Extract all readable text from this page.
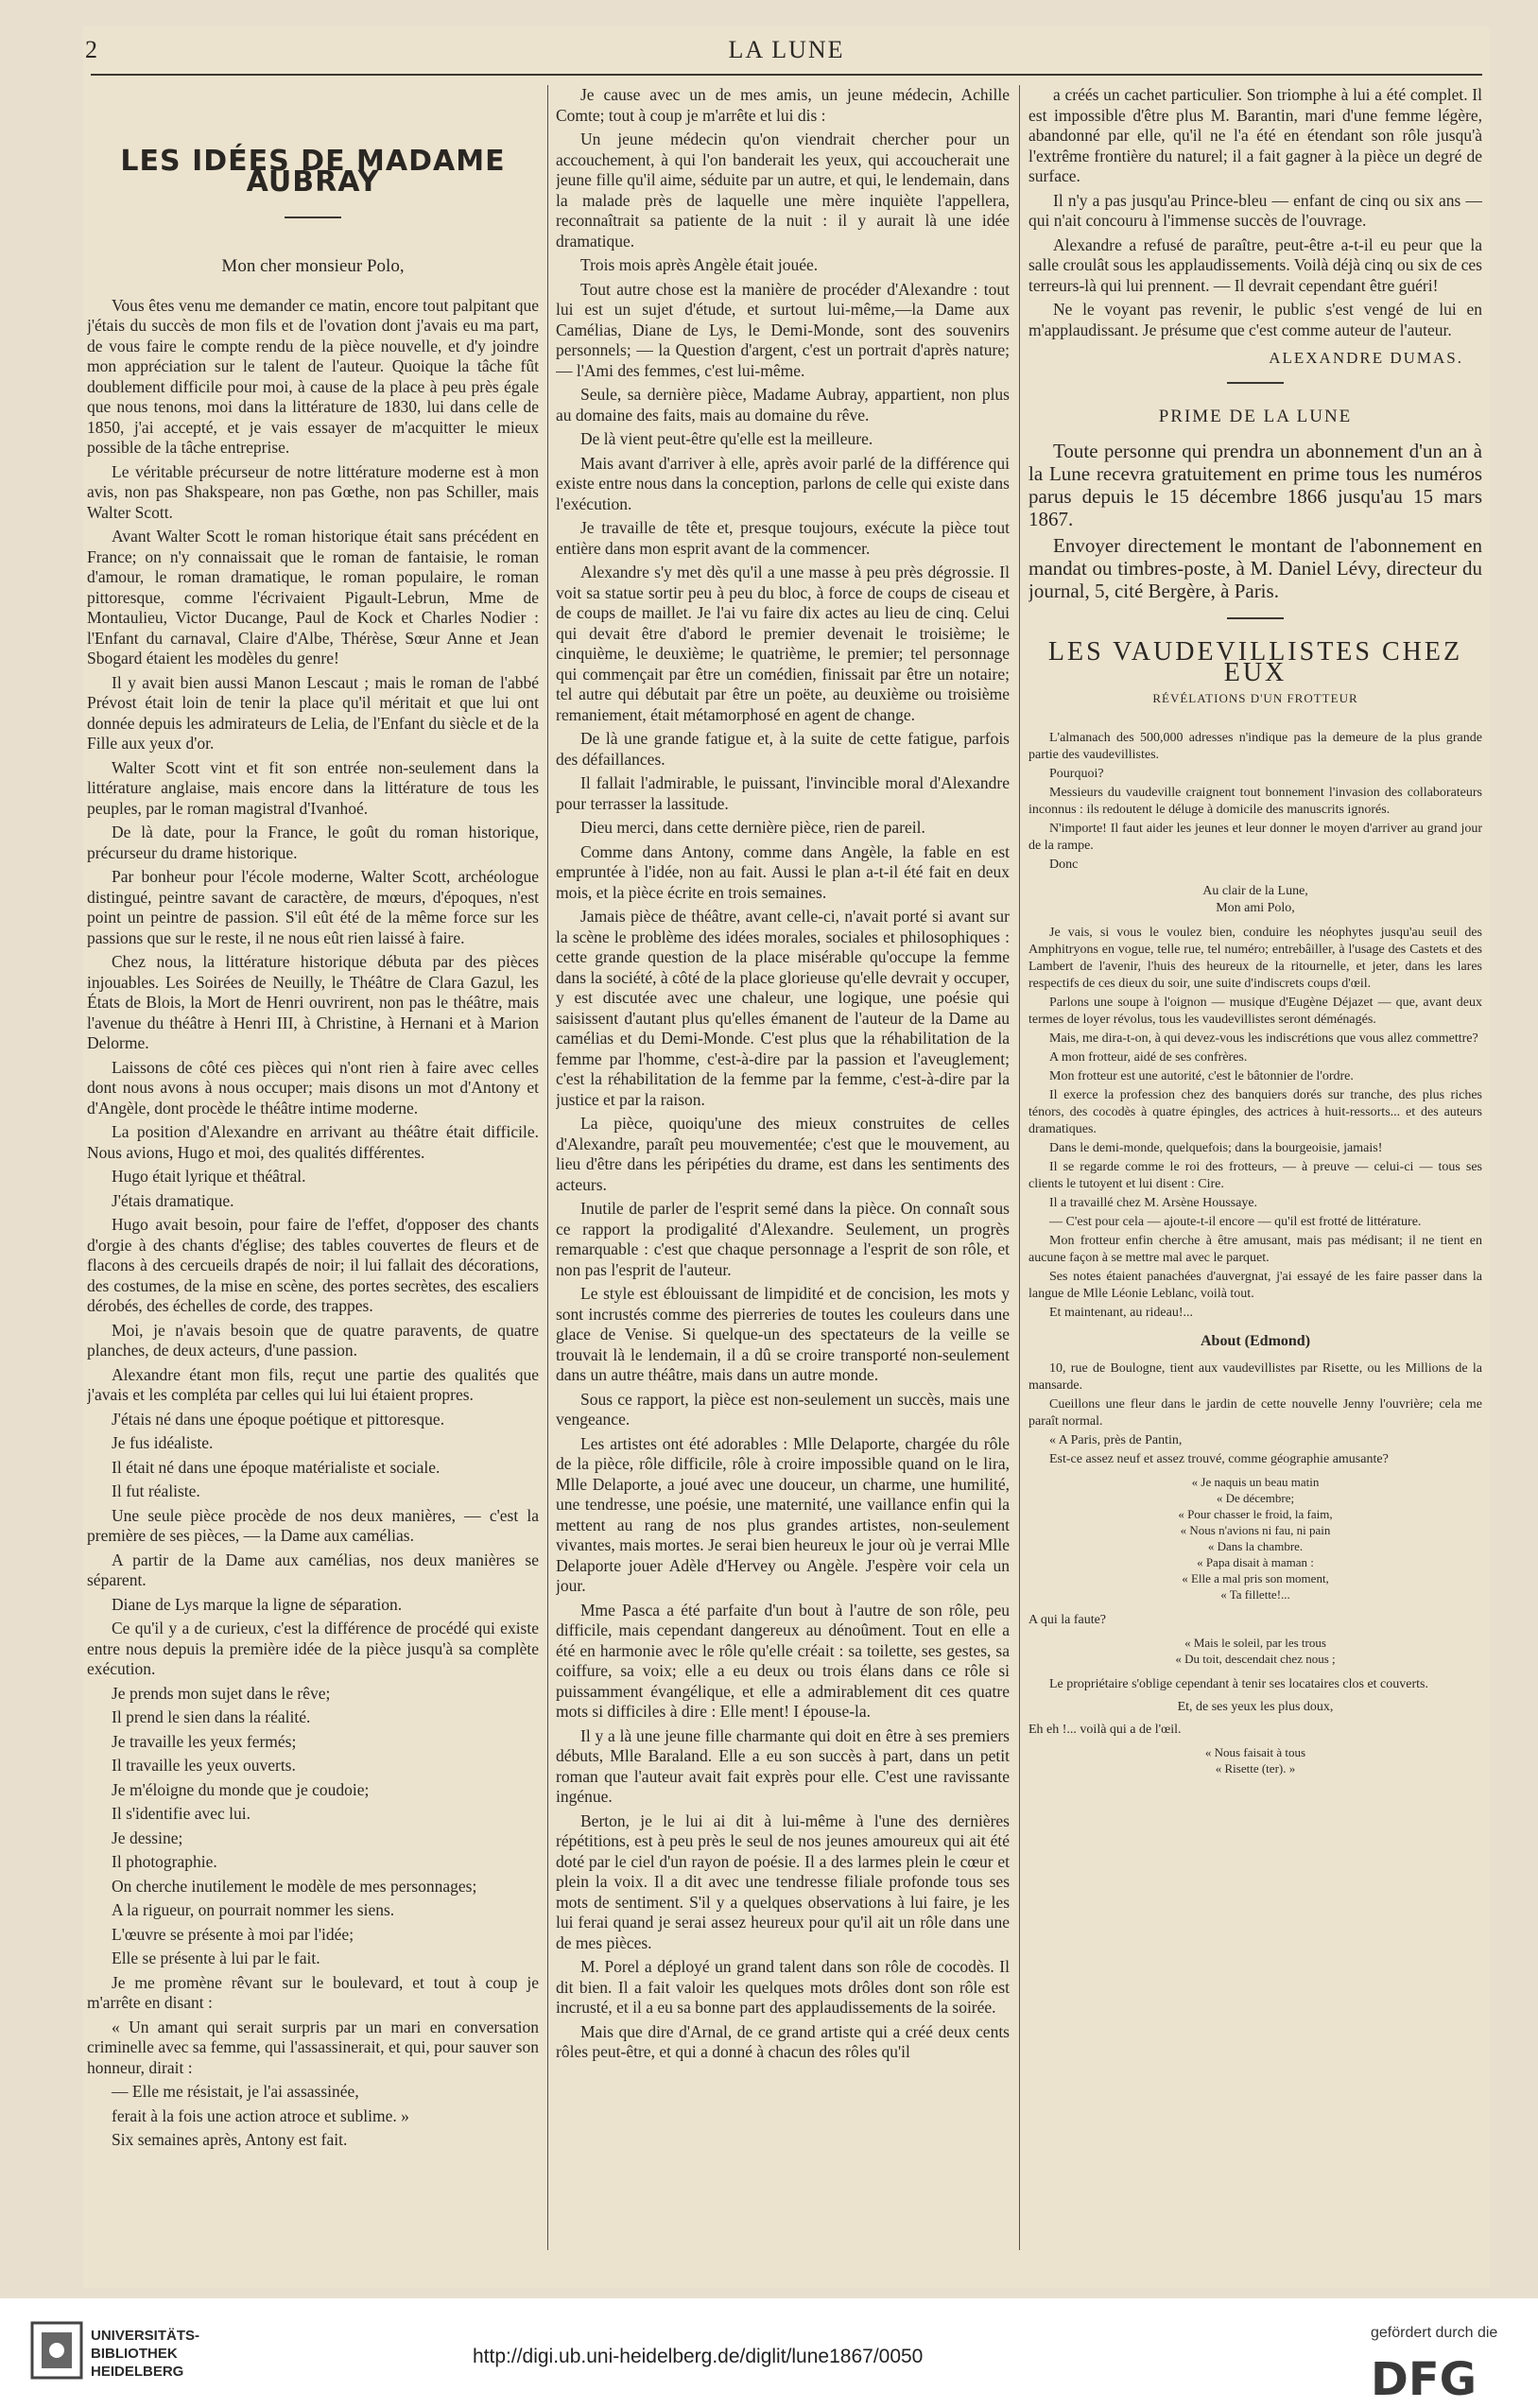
2	LA LUNE
LES IDÉES DE MADAME AUBRAY
Mon cher monsieur Polo,

Vous êtes venu me demander ce matin, encore tout palpitant que j'étais du succès de mon fils et de l'ovation dont j'avais eu ma part, de vous faire le compte rendu de la pièce nouvelle, et d'y joindre mon appréciation sur le talent de l'auteur. Quoique la tâche fût doublement difficile pour moi, à cause de la place à peu près égale que nous tenons, moi dans la littérature de 1830, lui dans celle de 1850, j'ai accepté, et je vais essayer de m'acquitter le mieux possible de la tâche entreprise.

Le véritable précurseur de notre littérature moderne est à mon avis, non pas Shakspeare, non pas Gœthe, non pas Schiller, mais Walter Scott.

Avant Walter Scott le roman historique était sans précédent en France; on n'y connaissait que le roman de fantaisie, le roman d'amour, le roman dramatique, le roman populaire, le roman pittoresque, comme l'écrivaient Pigault-Lebrun, Mme de Montaulieu, Victor Ducange, Paul de Kock et Charles Nodier : l'Enfant du carnaval, Claire d'Albe, Thérèse, Sœur Anne et Jean Sbogard étaient les modèles du genre!

Il y avait bien aussi Manon Lescaut ; mais le roman de l'abbé Prévost était loin de tenir la place qu'il méritait et que lui ont donnée depuis les admirateurs de Lelia, de l'Enfant du siècle et de la Fille aux yeux d'or.

Walter Scott vint et fit son entrée non-seulement dans la littérature anglaise, mais encore dans la littérature de tous les peuples, par le roman magistral d'Ivanhoé.

De là date, pour la France, le goût du roman historique, précurseur du drame historique.

Par bonheur pour l'école moderne, Walter Scott, archéologue distingué, peintre savant de caractère, de mœurs, d'époques, n'est point un peintre de passion. S'il eût été de la même force sur les passions que sur le reste, il ne nous eût rien laissé à faire.

Chez nous, la littérature historique débuta par des pièces injouables. Les Soirées de Neuilly, le Théâtre de Clara Gazul, les États de Blois, la Mort de Henri ouvrirent, non pas le théâtre, mais l'avenue du théâtre à Henri III, à Christine, à Hernani et à Marion Delorme.

Laissons de côté ces pièces qui n'ont rien à faire avec celles dont nous avons à nous occuper; mais disons un mot d'Antony et d'Angèle, dont procède le théâtre intime moderne.

La position d'Alexandre en arrivant au théâtre était difficile. Nous avions, Hugo et moi, des qualités différentes.

Hugo était lyrique et théâtral.

J'étais dramatique.

Hugo avait besoin, pour faire de l'effet, d'opposer des chants d'orgie à des chants d'église; des tables couvertes de fleurs et de flacons à des cercueils drapés de noir; il lui fallait des décorations, des costumes, de la mise en scène, des portes secrètes, des escaliers dérobés, des échelles de corde, des trappes.

Moi, je n'avais besoin que de quatre paravents, de quatre planches, de deux acteurs, d'une passion.

Alexandre étant mon fils, reçut une partie des qualités que j'avais et les compléta par celles qui lui lui étaient propres.

J'étais né dans une époque poétique et pittoresque.

Je fus idéaliste.

Il était né dans une époque matérialiste et sociale.

Il fut réaliste.

Une seule pièce procède de nos deux manières, — c'est la première de ses pièces, — la Dame aux camélias.

A partir de la Dame aux camélias, nos deux manières se séparent.

Diane de Lys marque la ligne de séparation.

Ce qu'il y a de curieux, c'est la différence de procédé qui existe entre nous depuis la première idée de la pièce jusqu'à sa complète exécution.

Je prends mon sujet dans le rêve;

Il prend le sien dans la réalité.

Je travaille les yeux fermés;

Il travaille les yeux ouverts.

Je m'éloigne du monde que je coudoie;

Il s'identifie avec lui.

Je dessine;

Il photographie.

On cherche inutilement le modèle de mes personnages;

A la rigueur, on pourrait nommer les siens.

L'œuvre se présente à moi par l'idée;

Elle se présente à lui par le fait.

Je me promène rêvant sur le boulevard, et tout à coup je m'arrête en disant :

« Un amant qui serait surpris par un mari en conversation criminelle avec sa femme, qui l'assassinerait, et qui, pour sauver son honneur, dirait :

— Elle me résistait, je l'ai assassinée,

ferait à la fois une action atroce et sublime. »

Six semaines après, Antony est fait.

Je cause avec un de mes amis, un jeune médecin, Achille Comte; tout à coup je m'arrête et lui dis :

Un jeune médecin qu'on viendrait chercher pour un accouchement, à qui l'on banderait les yeux, qui accoucherait une jeune fille qu'il aime, séduite par un autre, et qui, le lendemain, dans la malade près de laquelle une mère inquiète l'appellera, reconnaîtrait sa patiente de la nuit : il y aurait là une idée dramatique.

Trois mois après Angèle était jouée.

Tout autre chose est la manière de procéder d'Alexandre : tout lui est un sujet d'étude, et surtout lui-même,—la Dame aux Camélias, Diane de Lys, le Demi-Monde, sont des souvenirs personnels; — la Question d'argent, c'est un portrait d'après nature; — l'Ami des femmes, c'est lui-même.

Seule, sa dernière pièce, Madame Aubray, appartient, non plus au domaine des faits, mais au domaine du rêve.

De là vient peut-être qu'elle est la meilleure.

Mais avant d'arriver à elle, après avoir parlé de la différence qui existe entre nous dans la conception, parlons de celle qui existe dans l'exécution.

Je travaille de tête et, presque toujours, exécute la pièce tout entière dans mon esprit avant de la commencer.

Alexandre s'y met dès qu'il a une masse à peu près dégrossie. Il voit sa statue sortir peu à peu du bloc, à force de coups de ciseau et de coups de maillet. Je l'ai vu faire dix actes au lieu de cinq. Celui qui devait être d'abord le premier devenait le troisième; le cinquième, le deuxième; le quatrième, le premier; tel personnage qui commençait par être un comédien, finissait par être un notaire; tel autre qui débutait par être un poëte, au deuxième ou troisième remaniement, était métamorphosé en agent de change.

De là une grande fatigue et, à la suite de cette fatigue, parfois des défaillances.

Il fallait l'admirable, le puissant, l'invincible moral d'Alexandre pour terrasser la lassitude.

Dieu merci, dans cette dernière pièce, rien de pareil.

Comme dans Antony, comme dans Angèle, la fable en est empruntée à l'idée, non au fait. Aussi le plan a-t-il été fait en deux mois, et la pièce écrite en trois semaines.

Jamais pièce de théâtre, avant celle-ci, n'avait porté si avant sur la scène le problème des idées morales, sociales et philosophiques : cette grande question de la place misérable qu'occupe la femme dans la société, à côté de la place glorieuse qu'elle devrait y occuper, y est discutée avec une chaleur, une logique, une poésie qui saisissent d'autant plus qu'elles émanent de l'auteur de la Dame au camélias et du Demi-Monde. C'est plus que la réhabilitation de la femme par l'homme, c'est-à-dire par la passion et l'aveuglement; c'est la réhabilitation de la femme par la femme, c'est-à-dire par la justice et par la raison.

La pièce, quoiqu'une des mieux construites de celles d'Alexandre, paraît peu mouvementée; c'est que le mouvement, au lieu d'être dans les péripéties du drame, est dans les sentiments des acteurs.

Inutile de parler de l'esprit semé dans la pièce. On connaît sous ce rapport la prodigalité d'Alexandre. Seulement, un progrès remarquable : c'est que chaque personnage a l'esprit de son rôle, et non pas l'esprit de l'auteur.

Le style est éblouissant de limpidité et de concision, les mots y sont incrustés comme des pierreries de toutes les couleurs dans une glace de Venise. Si quelque-un des spectateurs de la veille se trouvait là le lendemain, il a dû se croire transporté non-seulement dans un autre théâtre, mais dans un autre monde.

Sous ce rapport, la pièce est non-seulement un succès, mais une vengeance.

Les artistes ont été adorables : Mlle Delaporte, chargée du rôle de la pièce, rôle difficile, rôle à croire impossible quand on le lira, Mlle Delaporte, a joué avec une douceur, un charme, une humilité, une tendresse, une poésie, une maternité, une vaillance enfin qui la mettent au rang de nos plus grandes artistes, non-seulement vivantes, mais mortes. Je serai bien heureux le jour où je verrai Mlle Delaporte jouer Adèle d'Hervey ou Angèle. J'espère voir cela un jour.

Mme Pasca a été parfaite d'un bout à l'autre de son rôle, peu difficile, mais cependant dangereux au dénoûment. Tout en elle a été en harmonie avec le rôle qu'elle créait : sa toilette, ses gestes, sa coiffure, sa voix; elle a eu deux ou trois élans dans ce rôle si puissamment évangélique, et elle a admirablement dit ces quatre mots si difficiles à dire : Elle ment! I épouse-la.

Il y a là une jeune fille charmante qui doit en être à ses premiers débuts, Mlle Baraland. Elle a eu son succès à part, dans un petit roman que l'auteur avait fait exprès pour elle. C'est une ravissante ingénue.

Berton, je le lui ai dit à lui-même à l'une des dernières répétitions, est à peu près le seul de nos jeunes amoureux qui ait été doté par le ciel d'un rayon de poésie. Il a des larmes plein le cœur et plein la voix. Il a dit avec une tendresse filiale profonde tous ses mots de sentiment. S'il y a quelques observations à lui faire, je les lui ferai quand je serai assez heureux pour qu'il ait un rôle dans une de mes pièces.

M. Porel a déployé un grand talent dans son rôle de cocodès. Il dit bien. Il a fait valoir les quelques mots drôles dont son rôle est incrusté, et il a eu sa bonne part des applaudissements de la soirée.

Mais que dire d'Arnal, de ce grand artiste qui a créé deux cents rôles peut-être, et qui a donné à chacun des rôles qu'il

a créés un cachet particulier. Son triomphe à lui a été complet. Il est impossible d'être plus M. Barantin, mari d'une femme légère, abandonné par elle, qu'il ne l'a été en étendant son rôle jusqu'à l'extrême frontière du naturel; il a fait gagner à la pièce un degré de surface.

Il n'y a pas jusqu'au Prince-bleu — enfant de cinq ou six ans — qui n'ait concouru à l'immense succès de l'ouvrage.

Alexandre a refusé de paraître, peut-être a-t-il eu peur que la salle croulât sous les applaudissements. Voilà déjà cinq ou six de ces terreurs-là qui lui prennent. — Il devrait cependant être guéri!

Ne le voyant pas revenir, le public s'est vengé de lui en m'applaudissant. Je présume que c'est comme auteur de l'auteur.

ALEXANDRE DUMAS.
PRIME DE LA LUNE

Toute personne qui prendra un abonnement d'un an à la Lune recevra gratuitement en prime tous les numéros parus depuis le 15 décembre 1866 jusqu'au 15 mars 1867.

Envoyer directement le montant de l'abonnement en mandat ou timbres-poste, à M. Daniel Lévy, directeur du journal, 5, cité Bergère, à Paris.

LES VAUDEVILLISTES CHEZ EUX
RÉVÉLATIONS D'UN FROTTEUR

L'almanach des 500,000 adresses n'indique pas la demeure de la plus grande partie des vaudevillistes.

Pourquoi?

Messieurs du vaudeville craignent tout bonnement l'invasion des collaborateurs inconnus : ils redoutent le déluge à domicile des manuscrits ignorés.

N'importe! Il faut aider les jeunes et leur donner le moyen d'arriver au grand jour de la rampe.

Donc

Au clair de la Lune,
Mon ami Polo,

Je vais, si vous le voulez bien, conduire les néophytes jusqu'au seuil des Amphitryons en vogue, telle rue, tel numéro; entrebâiller, à l'usage des Castets et des Lambert de l'avenir, l'huis des heureux de la ritournelle, et jeter, dans les lares respectifs de ces dieux du soir, une suite d'indiscrets coups d'œil.

Parlons une soupe à l'oignon — musique d'Eugène Déjazet — que, avant deux termes de loyer révolus, tous les vaudevillistes seront déménagés.

Mais, me dira-t-on, à qui devez-vous les indiscrétions que vous allez commettre?

A mon frotteur, aidé de ses confrères.

Mon frotteur est une autorité, c'est le bâtonnier de l'ordre.

Il exerce la profession chez des banquiers dorés sur tranche, des plus riches ténors, des cocodès à quatre épingles, des actrices à huit-ressorts... et des auteurs dramatiques.

Dans le demi-monde, quelquefois; dans la bourgeoisie, jamais!

Il se regarde comme le roi des frotteurs, — à preuve — celui-ci — tous ses clients le tutoyent et lui disent : Cire.

Il a travaillé chez M. Arsène Houssaye.

— C'est pour cela — ajoute-t-il encore — qu'il est frotté de littérature.

Mon frotteur enfin cherche à être amusant, mais pas médisant; il ne tient en aucune façon à se mettre mal avec le parquet.

Ses notes étaient panachées d'auvergnat, j'ai essayé de les faire passer dans la langue de Mlle Léonie Leblanc, voilà tout.

Et maintenant, au rideau!...

About (Edmond)

10, rue de Boulogne, tient aux vaudevillistes par Risette, ou les Millions de la mansarde.

Cueillons une fleur dans le jardin de cette nouvelle Jenny l'ouvrière; cela me paraît normal.

« A Paris, près de Pantin,

Est-ce assez neuf et assez trouvé, comme géographie amusante?

« Je naquis un beau matin
« De décembre;
« Pour chasser le froid, la faim,
« Nous n'avions ni fau, ni pain
« Dans la chambre.
« Papa disait à maman :
« Elle a mal pris son moment,
« Ta fillette!...
A qui la faute?
« Mais le soleil, par les trous
« Du toit, descendait chez nous ;
Le propriétaire s'oblige cependant à tenir ses locataires clos et couverts.
Et, de ses yeux les plus doux,
Eh eh !... voilà qui a de l'œil.
« Nous faisait à tous
« Risette (ter). »
UNIVERSITÄTS-
BIBLIOTHEK
HEIDELBERG
http://digi.ub.uni-heidelberg.de/diglit/lune1867/0050
gefördert durch die
DFG
